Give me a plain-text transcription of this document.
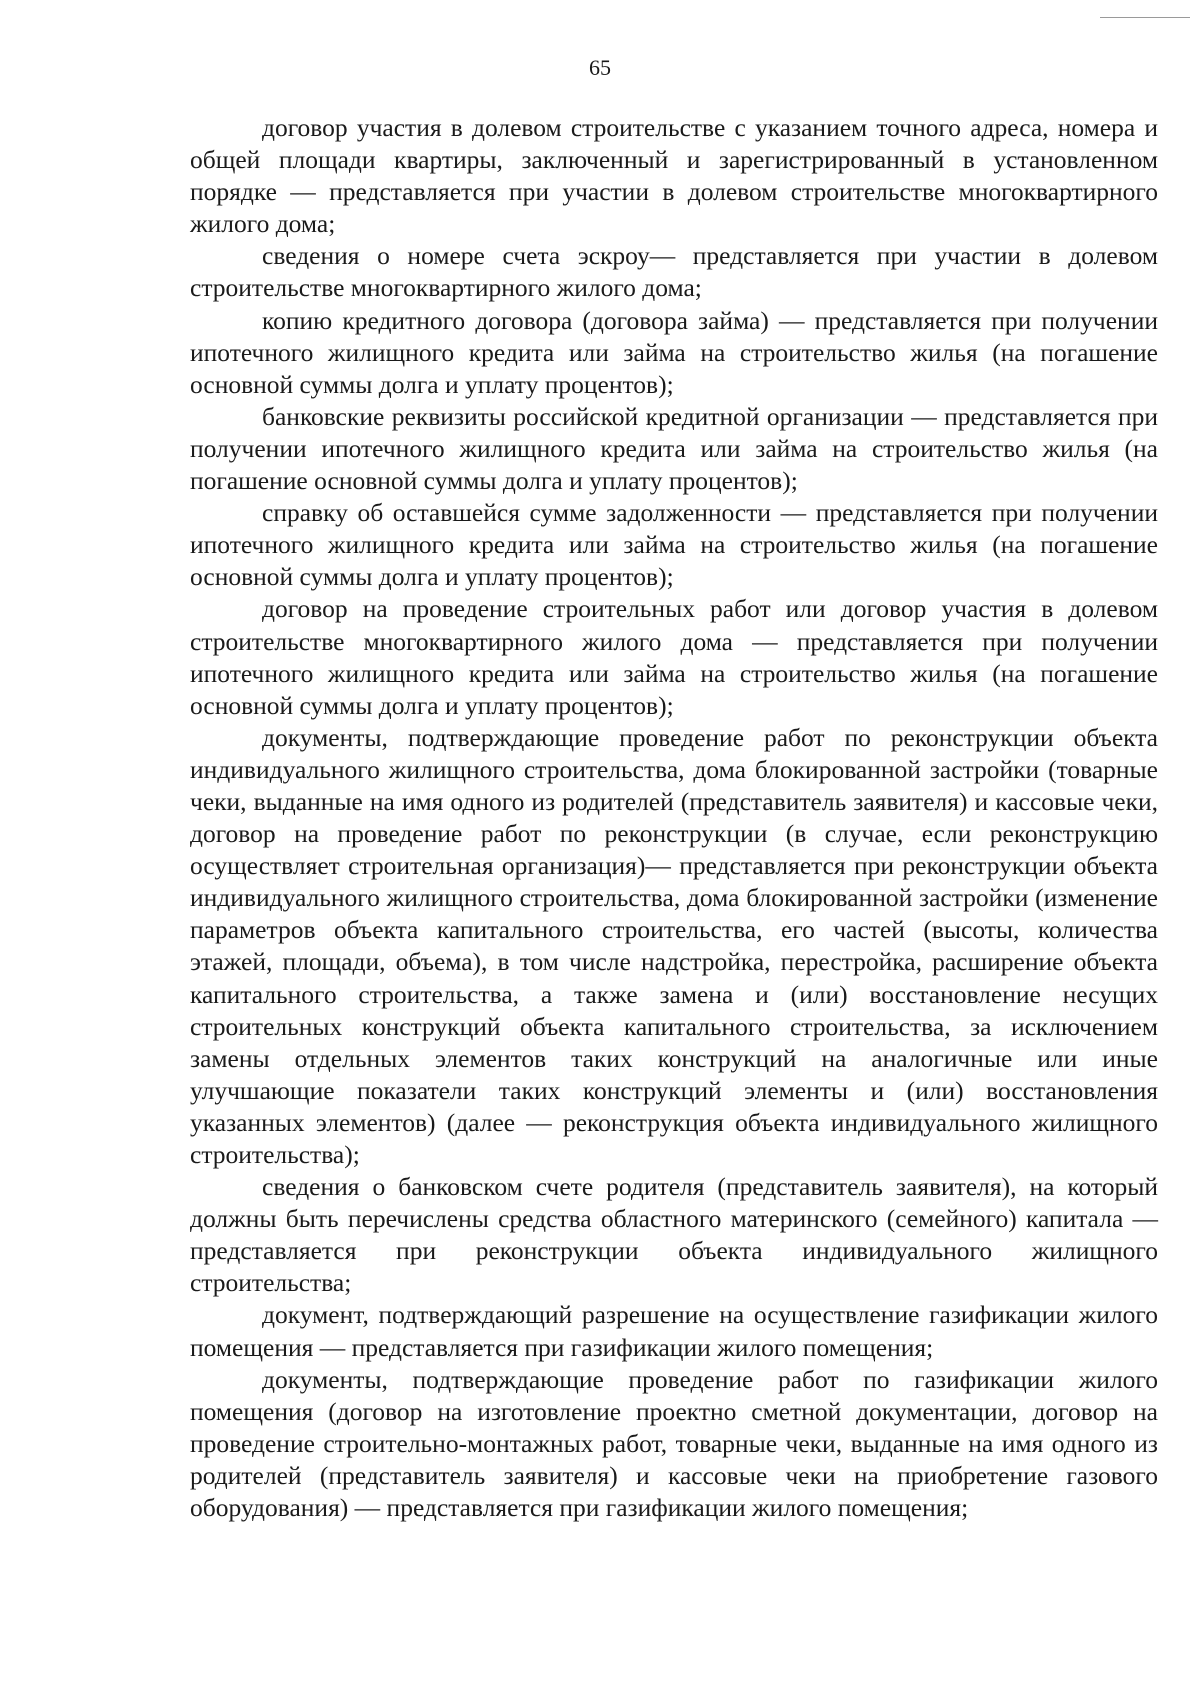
65

договор участия в долевом строительстве с указанием точного адреса, номера и общей площади квартиры, заключенный и зарегистрированный в установленном порядке — представляется при участии в долевом строительстве многоквартирного жилого дома;

сведения о номере счета эскроу— представляется при участии в долевом строительстве многоквартирного жилого дома;

копию кредитного договора (договора займа) — представляется при получении ипотечного жилищного кредита или займа на строительство жилья (на погашение основной суммы долга и уплату процентов);

банковские реквизиты российской кредитной организации — представляется при получении ипотечного жилищного кредита или займа на строительство жилья (на погашение основной суммы долга и уплату процентов);

справку об оставшейся сумме задолженности — представляется при получении ипотечного жилищного кредита или займа на строительство жилья (на погашение основной суммы долга и уплату процентов);

договор на проведение строительных работ или договор участия в долевом строительстве многоквартирного жилого дома — представляется при получении ипотечного жилищного кредита или займа на строительство жилья (на погашение основной суммы долга и уплату процентов);

документы, подтверждающие проведение работ по реконструкции объекта индивидуального жилищного строительства, дома блокированной застройки (товарные чеки, выданные на имя одного из родителей (представитель заявителя) и кассовые чеки, договор на проведение работ по реконструкции (в случае, если реконструкцию осуществляет строительная организация)— представляется при реконструкции объекта индивидуального жилищного строительства, дома блокированной застройки (изменение параметров объекта капитального строительства, его частей (высоты, количества этажей, площади, объема), в том числе надстройка, перестройка, расширение объекта капитального строительства, а также замена и (или) восстановление несущих строительных конструкций объекта капитального строительства, за исключением замены отдельных элементов таких конструкций на аналогичные или иные улучшающие показатели таких конструкций элементы и (или) восстановления указанных элементов) (далее — реконструкция объекта индивидуального жилищного строительства);

сведения о банковском счете родителя (представитель заявителя), на который должны быть перечислены средства областного материнского (семейного) капитала — представляется при реконструкции объекта индивидуального жилищного строительства;

документ, подтверждающий разрешение на осуществление газификации жилого помещения — представляется при газификации жилого помещения;

документы, подтверждающие проведение работ по газификации жилого помещения (договор на изготовление проектно сметной документации, договор на проведение строительно-монтажных работ, товарные чеки, выданные на имя одного из родителей (представитель заявителя) и кассовые чеки на приобретение газового оборудования) — представляется при газификации жилого помещения;
